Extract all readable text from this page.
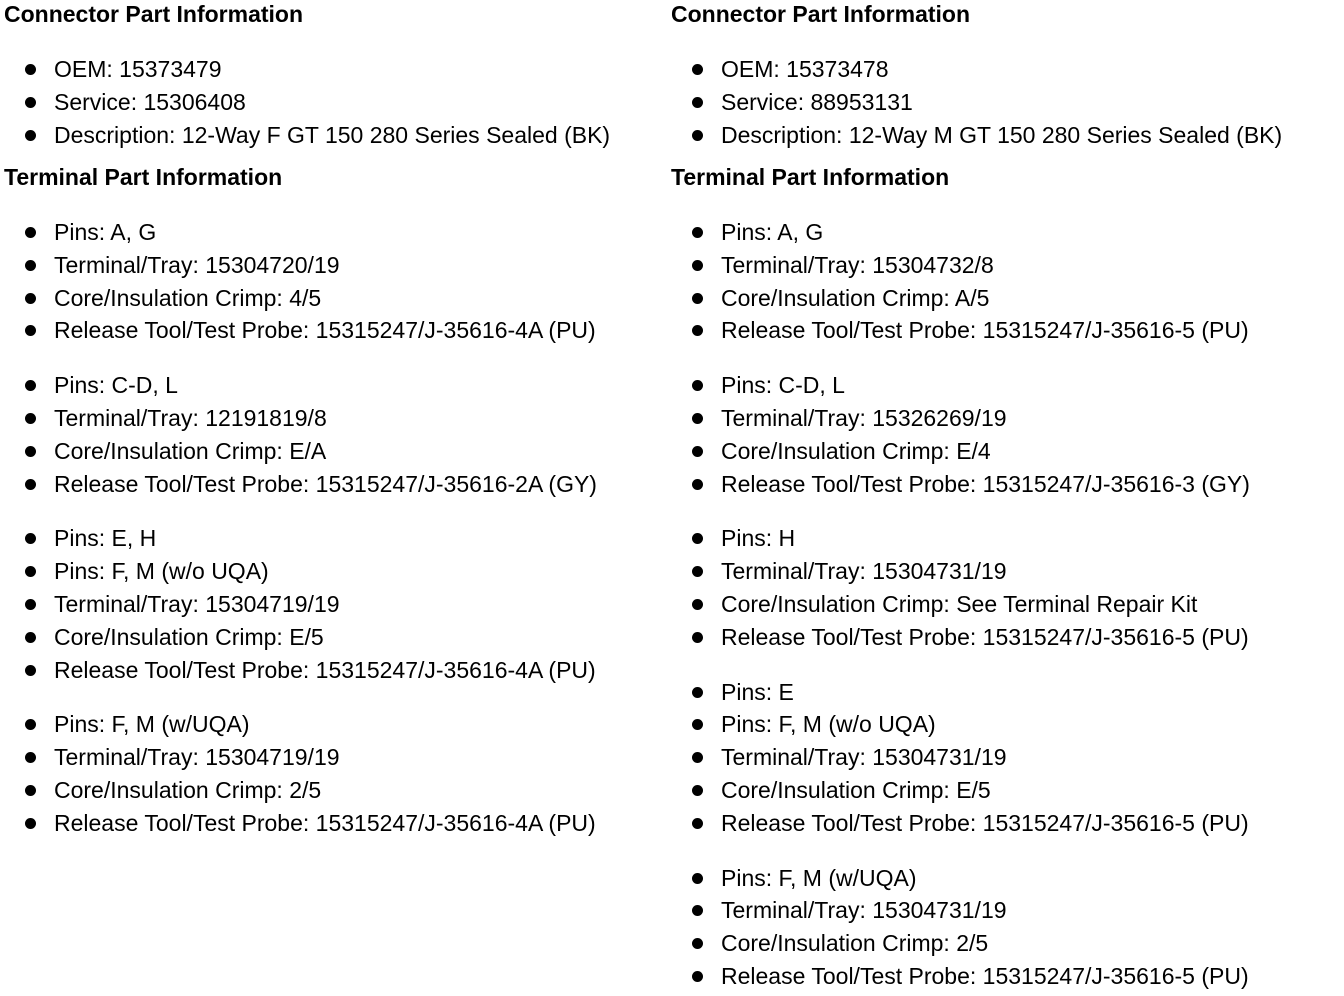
Connector Part Information
OEM: 15373479
Service: 15306408
Description: 12-Way F GT 150 280 Series Sealed (BK)
Terminal Part Information
Pins: A, G
Terminal/Tray: 15304720/19
Core/Insulation Crimp: 4/5
Release Tool/Test Probe: 15315247/J-35616-4A (PU)
Pins: C-D, L
Terminal/Tray: 12191819/8
Core/Insulation Crimp: E/A
Release Tool/Test Probe: 15315247/J-35616-2A (GY)
Pins: E, H
Pins: F, M (w/o UQA)
Terminal/Tray: 15304719/19
Core/Insulation Crimp: E/5
Release Tool/Test Probe: 15315247/J-35616-4A (PU)
Pins: F, M (w/UQA)
Terminal/Tray: 15304719/19
Core/Insulation Crimp: 2/5
Release Tool/Test Probe: 15315247/J-35616-4A (PU)
Connector Part Information
OEM: 15373478
Service: 88953131
Description: 12-Way M GT 150 280 Series Sealed (BK)
Terminal Part Information
Pins: A, G
Terminal/Tray: 15304732/8
Core/Insulation Crimp: A/5
Release Tool/Test Probe: 15315247/J-35616-5 (PU)
Pins: C-D, L
Terminal/Tray: 15326269/19
Core/Insulation Crimp: E/4
Release Tool/Test Probe: 15315247/J-35616-3 (GY)
Pins: H
Terminal/Tray: 15304731/19
Core/Insulation Crimp: See Terminal Repair Kit
Release Tool/Test Probe: 15315247/J-35616-5 (PU)
Pins: E
Pins: F, M (w/o UQA)
Terminal/Tray: 15304731/19
Core/Insulation Crimp: E/5
Release Tool/Test Probe: 15315247/J-35616-5 (PU)
Pins: F, M (w/UQA)
Terminal/Tray: 15304731/19
Core/Insulation Crimp: 2/5
Release Tool/Test Probe: 15315247/J-35616-5 (PU)
